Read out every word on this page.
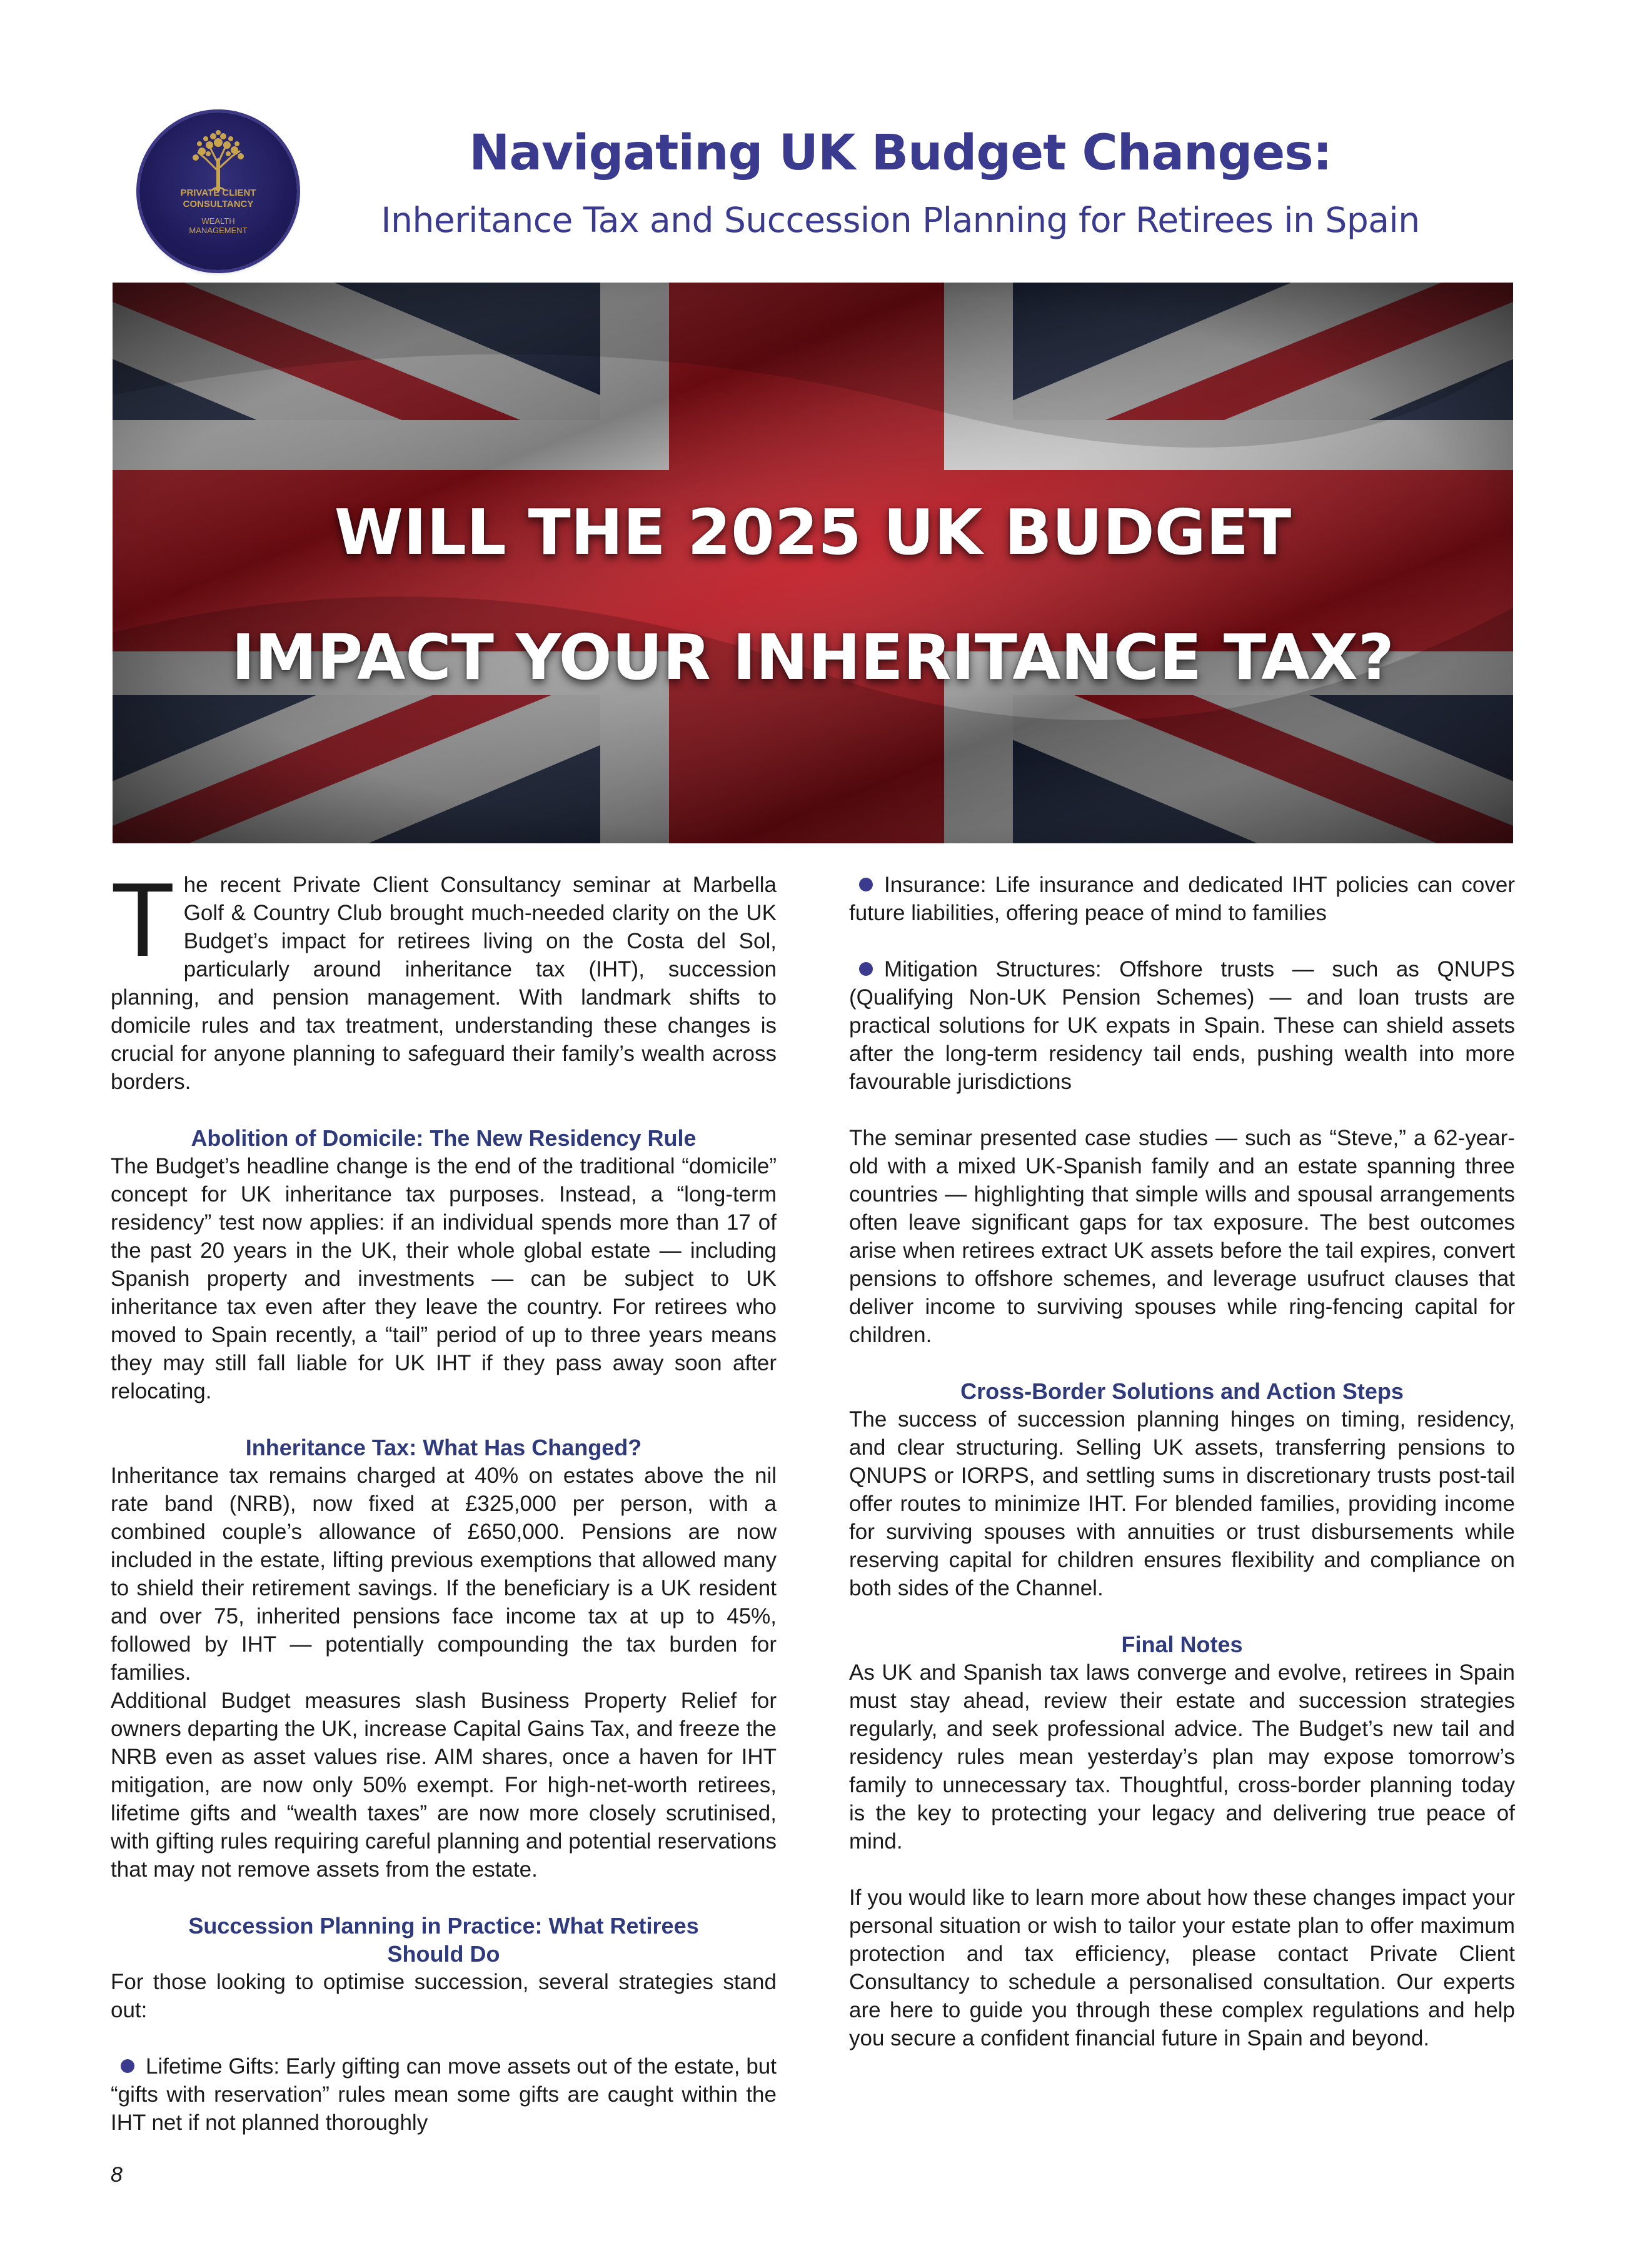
PRIVATE CLIENT
CONSULTANCY
WEALTH
MANAGEMENT
Navigating UK Budget Changes:
Inheritance Tax and Succession Planning for Retirees in Spain
WILL THE 2025 UK BUDGET
IMPACT YOUR INHERITANCE TAX?
T he recent Private Client Consultancy seminar at Marbella Golf & Country Club brought much-needed clarity on the UK Budget’s impact for retirees living on the Costa del Sol, particularly around inheritance tax (IHT), succession planning, and pension management. With landmark shifts to domicile rules and tax treatment, understanding these changes is crucial for anyone planning to safeguard their family’s wealth across borders.

Abolition of Domicile: The New Residency Rule

The Budget’s headline change is the end of the traditional “domicile” concept for UK inheritance tax purposes. Instead, a “long-term residency” test now applies: if an individual spends more than 17 of the past 20 years in the UK, their whole global estate — including Spanish property and investments — can be subject to UK inheritance tax even after they leave the country. For retirees who moved to Spain recently, a “tail” period of up to three years means they may still fall liable for UK IHT if they pass away soon after relocating.

Inheritance Tax: What Has Changed?

Inheritance tax remains charged at 40% on estates above the nil rate band (NRB), now fixed at £325,000 per person, with a combined couple’s allowance of £650,000. Pensions are now included in the estate, lifting previous exemptions that allowed many to shield their retirement savings. If the beneficiary is a UK resident and over 75, inherited pensions face income tax at up to 45%, followed by IHT — potentially compounding the tax burden for families.

Additional Budget measures slash Business Property Relief for owners departing the UK, increase Capital Gains Tax, and freeze the NRB even as asset values rise. AIM shares, once a haven for IHT mitigation, are now only 50% exempt. For high-net-worth retirees, lifetime gifts and “wealth taxes” are now more closely scrutinised, with gifting rules requiring careful planning and potential reservations that may not remove assets from the estate.

Succession Planning in Practice: What Retirees
Should Do

For those looking to optimise succession, several strategies stand out:

Lifetime Gifts: Early gifting can move assets out of the estate, but “gifts with reservation” rules mean some gifts are caught within the IHT net if not planned thoroughly

Insurance: Life insurance and dedicated IHT policies can cover future liabilities, offering peace of mind to families

Mitigation Structures: Offshore trusts — such as QNUPS (Qualifying Non-UK Pension Schemes) — and loan trusts are practical solutions for UK expats in Spain. These can shield assets after the long-term residency tail ends, pushing wealth into more favourable jurisdictions

The seminar presented case studies — such as “Steve,” a 62-year-old with a mixed UK-Spanish family and an estate spanning three countries — highlighting that simple wills and spousal arrangements often leave significant gaps for tax exposure. The best outcomes arise when retirees extract UK assets before the tail expires, convert pensions to offshore schemes, and leverage usufruct clauses that deliver income to surviving spouses while ring-fencing capital for children.

Cross-Border Solutions and Action Steps

The success of succession planning hinges on timing, residency, and clear structuring. Selling UK assets, transferring pensions to QNUPS or IORPS, and settling sums in discretionary trusts post-tail offer routes to minimize IHT. For blended families, providing income for surviving spouses with annuities or trust disbursements while reserving capital for children ensures flexibility and compliance on both sides of the Channel.

Final Notes

As UK and Spanish tax laws converge and evolve, retirees in Spain must stay ahead, review their estate and succession strategies regularly, and seek professional advice. The Budget’s new tail and residency rules mean yesterday’s plan may expose tomorrow’s family to unnecessary tax. Thoughtful, cross-border planning today is the key to protecting your legacy and delivering true peace of mind.

If you would like to learn more about how these changes impact your personal situation or wish to tailor your estate plan to offer maximum protection and tax efficiency, please contact Private Client Consultancy to schedule a personalised consultation. Our experts are here to guide you through these complex regulations and help you secure a confident financial future in Spain and beyond.

8
